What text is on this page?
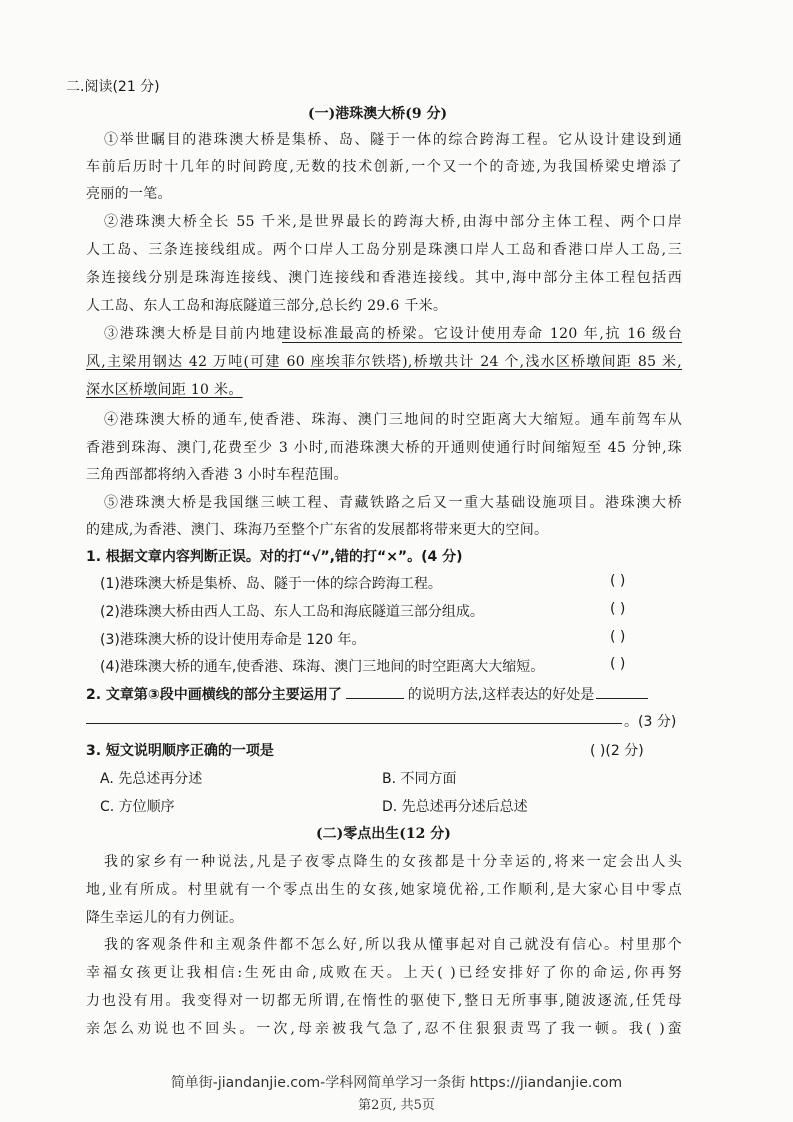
二.阅读(21 分)
(一)港珠澳大桥(9 分)
①举世瞩目的港珠澳大桥是集桥、岛、隧于一体的综合跨海工程。它从设计建设到通
车前后历时十几年的时间跨度,无数的技术创新,一个又一个的奇迹,为我国桥梁史增添了
亮丽的一笔。
②港珠澳大桥全长 55 千米,是世界最长的跨海大桥,由海中部分主体工程、两个口岸
人工岛、三条连接线组成。两个口岸人工岛分别是珠澳口岸人工岛和香港口岸人工岛,三
条连接线分别是珠海连接线、澳门连接线和香港连接线。其中,海中部分主体工程包括西
人工岛、东人工岛和海底隧道三部分,总长约 29.6 千米。
③港珠澳大桥是目前内地建设标准最高的桥梁。它设计使用寿命 120 年,抗 16 级台
风,主梁用钢达 42 万吨(可建 60 座埃菲尔铁塔),桥墩共计 24 个,浅水区桥墩间距 85 米,
深水区桥墩间距 10 米。
④港珠澳大桥的通车,使香港、珠海、澳门三地间的时空距离大大缩短。通车前驾车从
香港到珠海、澳门,花费至少 3 小时,而港珠澳大桥的开通则使通行时间缩短至 45 分钟,珠
三角西部都将纳入香港 3 小时车程范围。
⑤港珠澳大桥是我国继三峡工程、青藏铁路之后又一重大基础设施项目。港珠澳大桥
的建成,为香港、澳门、珠海乃至整个广东省的发展都将带来更大的空间。
1. 根据文章内容判断正误。对的打“√”,错的打“×”。(4 分)
(1)港珠澳大桥是集桥、岛、隧于一体的综合跨海工程。	( )
(2)港珠澳大桥由西人工岛、东人工岛和海底隧道三部分组成。	( )
(3)港珠澳大桥的设计使用寿命是 120 年。	( )
(4)港珠澳大桥的通车,使香港、珠海、澳门三地间的时空距离大大缩短。	( )
2. 文章第③段中画横线的部分主要运用了	的说明方法,这样表达的好处是
。(3 分)
3. 短文说明顺序正确的一项是	( )(2 分)
A. 先总述再分述	B. 不同方面
C. 方位顺序	D. 先总述再分述后总述
(二)零点出生(12 分)
我的家乡有一种说法,凡是子夜零点降生的女孩都是十分幸运的,将来一定会出人头
地,业有所成。村里就有一个零点出生的女孩,她家境优裕,工作顺利,是大家心目中零点
降生幸运儿的有力例证。
我的客观条件和主观条件都不怎么好,所以我从懂事起对自己就没有信心。村里那个
幸福女孩更让我相信:生死由命,成败在天。上天( )已经安排好了你的命运,你再努
力也没有用。我变得对一切都无所谓,在惰性的驱使下,整日无所事事,随波逐流,任凭母
亲怎么劝说也不回头。一次,母亲被我气急了,忍不住狠狠责骂了我一顿。我( )蛮
简单街-jiandanjie.com-学科网简单学习一条街 https://jiandanjie.com
第2页, 共5页
